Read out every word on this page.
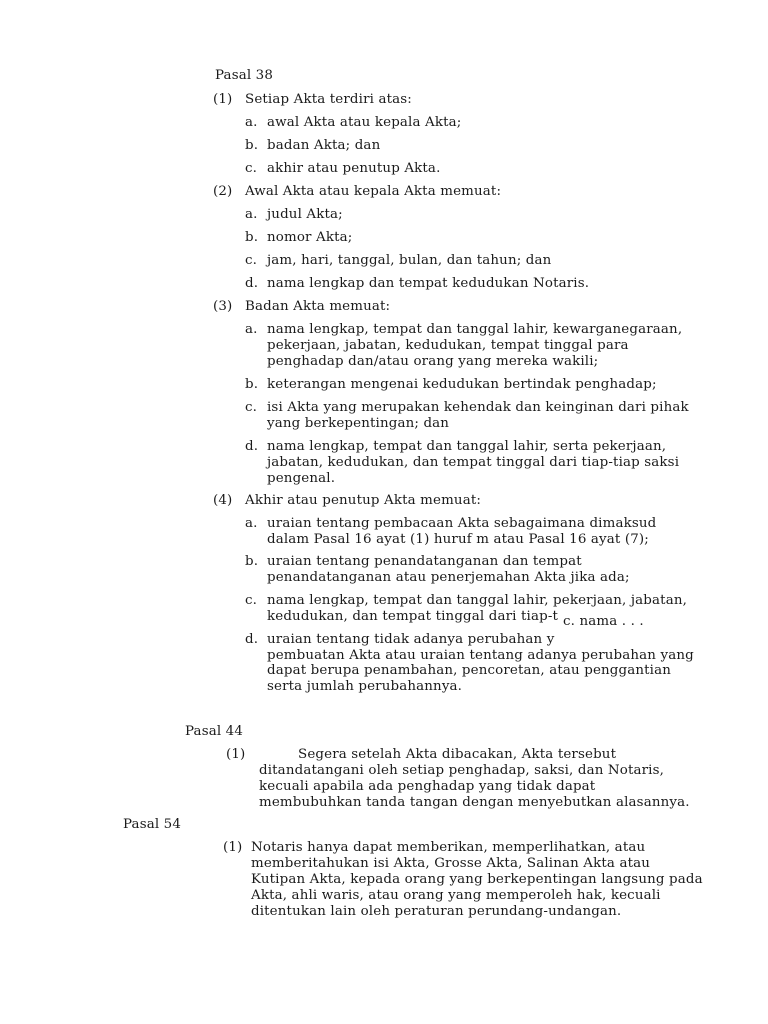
Pasal 38

(1) Setiap Akta terdiri atas:

a. awal Akta atau kepala Akta;

b. badan Akta; dan

c. akhir atau penutup Akta.

(2) Awal Akta atau kepala Akta memuat:

a. judul Akta;

b. nomor Akta;

c. jam, hari, tanggal, bulan, dan tahun; dan

d. nama lengkap dan tempat kedudukan Notaris.

(3) Badan Akta memuat:

a. nama lengkap, tempat dan tanggal lahir, kewarganegaraan,

pekerjaan, jabatan, kedudukan, tempat tinggal para

penghadap dan/atau orang yang mereka wakili;

b. keterangan mengenai kedudukan bertindak penghadap;

c. isi Akta yang merupakan kehendak dan keinginan dari pihak

yang berkepentingan; dan

d. nama lengkap, tempat dan tanggal lahir, serta pekerjaan,

jabatan, kedudukan, dan tempat tinggal dari tiap-tiap saksi

pengenal.

(4) Akhir atau penutup Akta memuat:

a. uraian tentang pembacaan Akta sebagaimana dimaksud

dalam Pasal 16 ayat (1) huruf m atau Pasal 16 ayat (7);

b. uraian tentang penandatanganan dan tempat

penandatanganan atau penerjemahan Akta jika ada;

c. nama lengkap, tempat dan tanggal lahir, pekerjaan, jabatan,

kedudukan, dan tempat tinggal dari tiap-t c. nama . . .

d. uraian tentang tidak adanya perubahan y

pembuatan Akta atau uraian tentang adanya perubahan yang

dapat berupa penambahan, pencoretan, atau penggantian

serta jumlah perubahannya.

Pasal 44

(1)	Segera setelah Akta dibacakan, Akta tersebut

ditandatangani oleh setiap penghadap, saksi, dan Notaris,

kecuali apabila ada penghadap yang tidak dapat

membubuhkan tanda tangan dengan menyebutkan alasannya.

Pasal 54

(1) Notaris hanya dapat memberikan, memperlihatkan, atau

memberitahukan isi Akta, Grosse Akta, Salinan Akta atau

Kutipan Akta, kepada orang yang berkepentingan langsung pada

Akta, ahli waris, atau orang yang memperoleh hak, kecuali

ditentukan lain oleh peraturan perundang-undangan.
